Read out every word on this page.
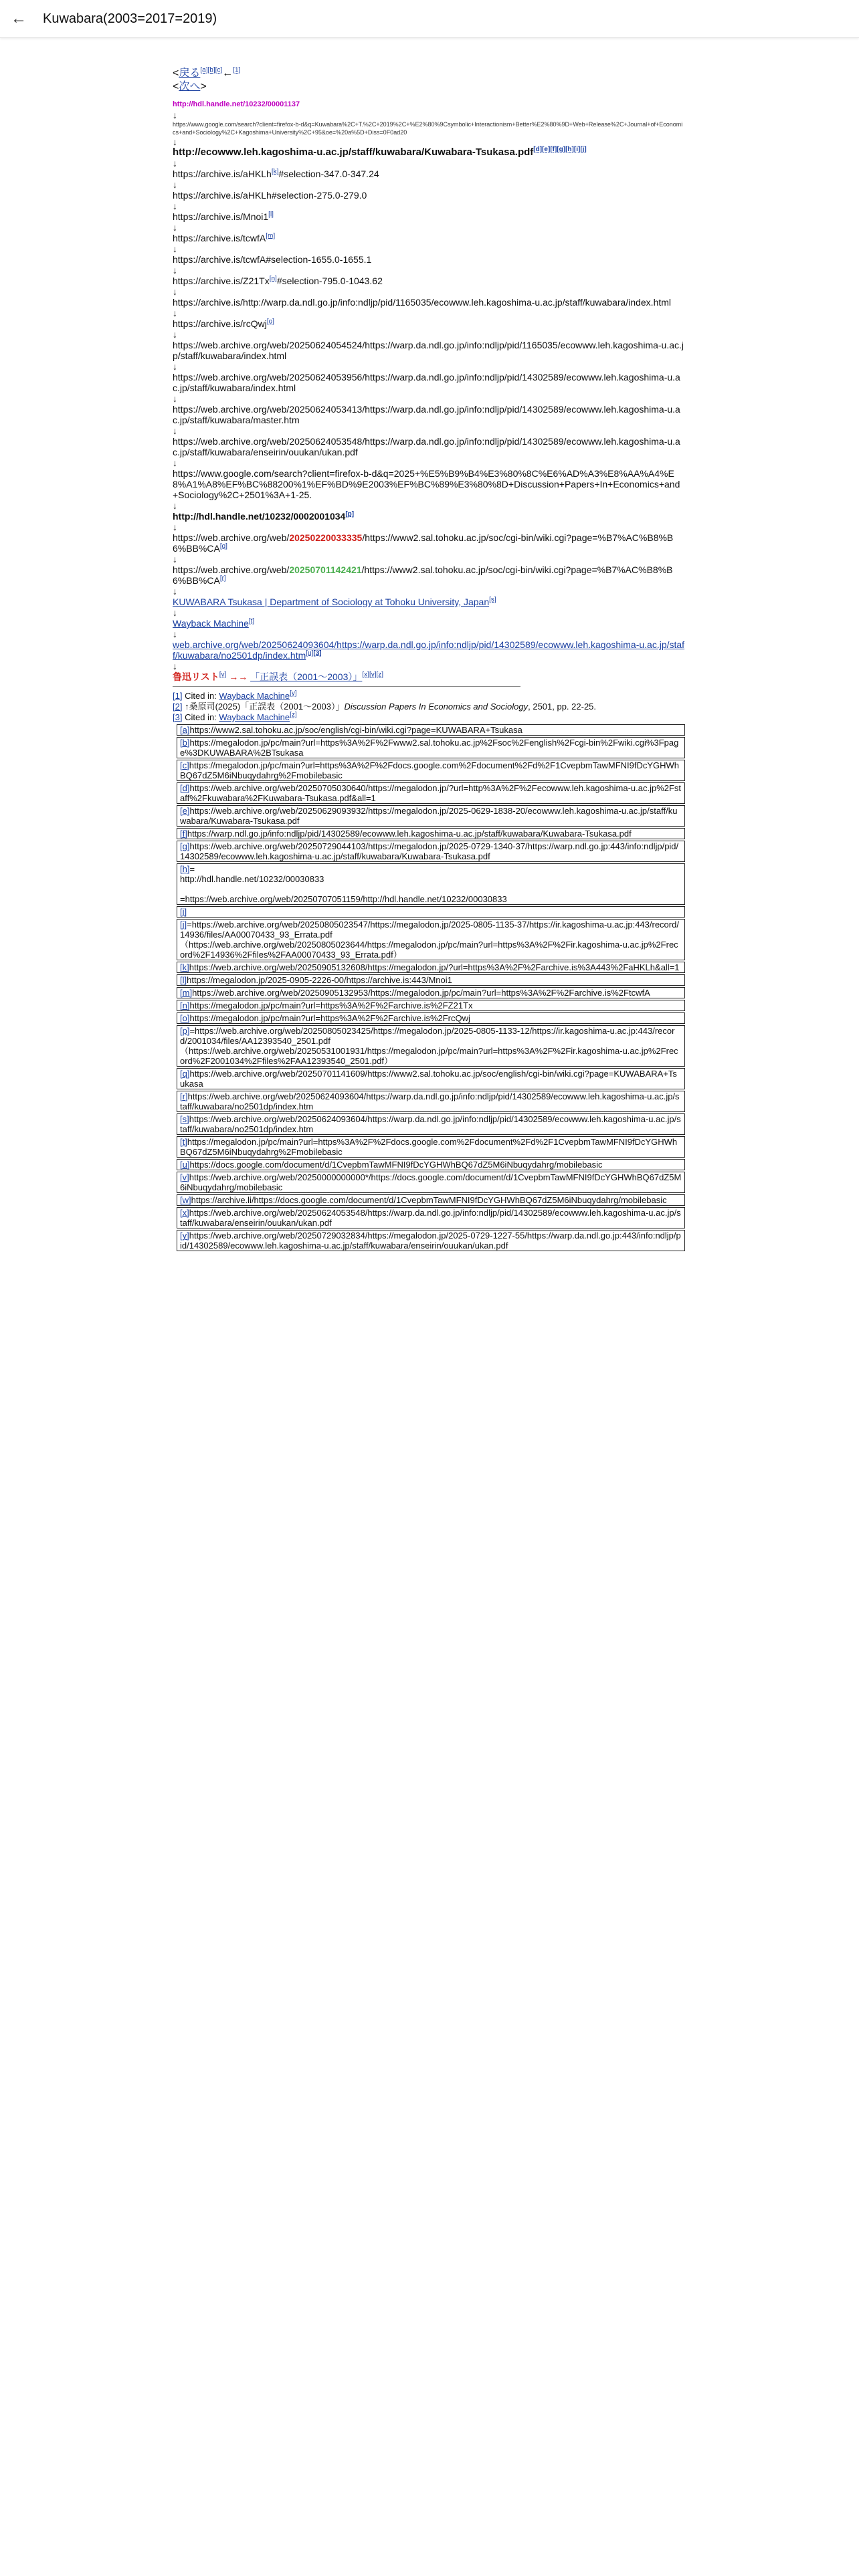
← Kuwabara(2003=2017=2019)
<戻る[a][b][c]←[1]
<次へ>
http://hdl.handle.net/10232/00001137
↓
https://www.google.com/search?client=firefox-b-d&q=Kuwabara%2C+T.%2C+2019%2C+%E2%80%9Csymbolic+Interactionism+Better%E2%80%9D+Web+Release%2C+Journal+of+Economics+and+Sociology%2C+Kagoshima+University%2C+95&oe=%20a%5D+Diss=0F0ad20
↓
http://ecowww.leh.kagoshima-u.ac.jp/staff/kuwabara/Kuwabara-Tsukasa.pdf[d][e][f][g][h][i][j]
↓
https://archive.is/aHKLh[k]#selection-347.0-347.24
↓
https://archive.is/aHKLh#selection-275.0-279.0
↓
https://archive.is/Mnoi1[l]
↓
https://archive.is/tcwfA[m]
↓
https://archive.is/tcwfA#selection-1655.0-1655.1
↓
https://archive.is/Z21Tx[n]#selection-795.0-1043.62
↓
https://archive.is/http://warp.da.ndl.go.jp/info:ndljp/pid/1165035/ecowww.leh.kagoshima-u.ac.jp/staff/kuwabara/index.html
↓
https://archive.is/rcQwj[o]
↓
https://web.archive.org/web/20250624054524/https://warp.da.ndl.go.jp/info:ndljp/pid/1165035/ecowww.leh.kagoshima-u.ac.jp/staff/kuwabara/index.html
↓
https://web.archive.org/web/20250624053956/https://warp.da.ndl.go.jp/info:ndljp/pid/14302589/ecowww.leh.kagoshima-u.ac.jp/staff/kuwabara/index.html
↓
https://web.archive.org/web/20250624053413/https://warp.da.ndl.go.jp/info:ndljp/pid/14302589/ecowww.leh.kagoshima-u.ac.jp/staff/kuwabara/master.htm
↓
https://web.archive.org/web/20250624053548/https://warp.da.ndl.go.jp/info:ndljp/pid/14302589/ecowww.leh.kagoshima-u.ac.jp/staff/kuwabara/enseirin/ouukan/ukan.pdf
↓
https://www.google.com/search?client=firefox-b-d&q=2025+%E5%B9%B4%E3%80%8C%E6%AD%A3%E8%AA%A4%E8%A1%A8%EF%BC%88200%1%EF%BD%9E2003%EF%BC%89%E3%80%8D+Discussion+Papers+In+Economics+and+Sociology%2C+2501%3A+1-25.
↓
http://hdl.handle.net/10232/0002001034[p]
↓
https://web.archive.org/web/20250220033335/https://www2.sal.tohoku.ac.jp/soc/cgi-bin/wiki.cgi?page=%B7%AC%B8%B6%BB%CA[q]
↓
https://web.archive.org/web/20250701142421/https://www2.sal.tohoku.ac.jp/soc/cgi-bin/wiki.cgi?page=%B7%AC%B8%B6%BB%CA[r]
↓
KUWABARA Tsukasa | Department of Sociology at Tohoku University, Japan[s]
↓
Wayback Machine[t]
↓
web.archive.org/web/20250624093604/https://warp.da.ndl.go.jp/info:ndljp/pid/14302589/ecowww.leh.kagoshima-u.ac.jp/staff/kuwabara/no2501dp/index.htm[u][3]
↓
鲁迅リスト[v] →→ 「正誤表（2001〜2003）」[x][y][z]
[1] Cited in: Wayback Machine[y]
[2] ↑桑原司(2025)「正誤表（2001〜2003）」Discussion Papers In Economics and Sociology, 2501, pp. 22-25.
[3] Cited in: Wayback Machine[z]
[a]https://www2.sal.tohoku.ac.jp/soc/english/cgi-bin/wiki.cgi?page=KUWABARA+Tsukasa
[b]https://megalodon.jp/pc/main?url=https%3A%2F%2Fwww2.sal.tohoku.ac.jp%2Fsoc%2Fenglish%2Fcgi-bin%2Fwiki.cgi%3Fpage%3DKUWABARA%2BTsukasa
[c]https://megalodon.jp/pc/main?url=https%3A%2F%2Fdocs.google.com%2Fdocument%2Fd%2F1CvepbmTawMFNI9fDcYGHWhBQ67dZ5M6iNbuqydahrg%2Fmobilebasic
[d]https://web.archive.org/web/20250705030640/https://megalodon.jp/?url=http%3A%2F%2Fecowww.leh.kagoshima-u.ac.jp%2Fstaff%2Fkuwabara%2FKuwabara-Tsukasa.pdf&all=1
[e]https://web.archive.org/web/20250629093932/https://megalodon.jp/2025-0629-1838-20/ecowww.leh.kagoshima-u.ac.jp/staff/kuwabara/Kuwabara-Tsukasa.pdf
[f]https://warp.ndl.go.jp/info:ndljp/pid/14302589/ecowww.leh.kagoshima-u.ac.jp/staff/kuwabara/Kuwabara-Tsukasa.pdf
[g]https://web.archive.org/web/20250729044103/https://megalodon.jp/2025-0729-1340-37/https://warp.ndl.go.jp:443/info:ndljp/pid/14302589/ecowww.leh.kagoshima-u.ac.jp/staff/kuwabara/Kuwabara-Tsukasa.pdf
[h]=
http://hdl.handle.net/10232/00030833

=https://web.archive.org/web/20250707051159/http://hdl.handle.net/10232/00030833
[i]
[j]=https://web.archive.org/web/20250805023547/https://megalodon.jp/2025-0805-1135-37/https://ir.kagoshima-u.ac.jp:443/record/14936/files/AA00070433_93_Errata.pdf
（https://web.archive.org/web/20250805023644/https://megalodon.jp/pc/main?url=https%3A%2F%2Fir.kagoshima-u.ac.jp%2Frecord%2F14936%2Ffiles%2FAA00070433_93_Errata.pdf）
[k]https://web.archive.org/web/20250905132608/https://megalodon.jp/?url=https%3A%2F%2Farchive.is%3A443%2FaHKLh&all=1
[l]https://megalodon.jp/2025-0905-2226-00/https://archive.is:443/Mnoi1
[m]https://web.archive.org/web/20250905132953/https://megalodon.jp/pc/main?url=https%3A%2F%2Farchive.is%2FtcwfA
[n]https://megalodon.jp/pc/main?url=https%3A%2F%2Farchive.is%2FZ21Tx
[o]https://megalodon.jp/pc/main?url=https%3A%2F%2Farchive.is%2FrcQwj
[p]=https://web.archive.org/web/20250805023425/https://megalodon.jp/2025-0805-1133-12/https://ir.kagoshima-u.ac.jp:443/record/2001034/files/AA12393540_2501.pdf
（https://web.archive.org/web/20250531001931/https://megalodon.jp/pc/main?url=https%3A%2F%2Fir.kagoshima-u.ac.jp%2Frecord%2F2001034%2Ffiles%2FAA12393540_2501.pdf）
[q]https://web.archive.org/web/20250701141609/https://www2.sal.tohoku.ac.jp/soc/english/cgi-bin/wiki.cgi?page=KUWABARA+Tsukasa
[r]https://web.archive.org/web/20250624093604/https://warp.da.ndl.go.jp/info:ndljp/pid/14302589/ecowww.leh.kagoshima-u.ac.jp/staff/kuwabara/no2501dp/index.htm
[s]https://web.archive.org/web/20250624093604/https://warp.da.ndl.go.jp/info:ndljp/pid/14302589/ecowww.leh.kagoshima-u.ac.jp/staff/kuwabara/no2501dp/index.htm
[t]https://megalodon.jp/pc/main?url=https%3A%2F%2Fdocs.google.com%2Fdocument%2Fd%2F1CvepbmTawMFNI9fDcYGHWhBQ67dZ5M6iNbuqydahrg%2Fmobilebasic
[u]https://docs.google.com/document/d/1CvepbmTawMFNI9fDcYGHWhBQ67dZ5M6iNbuqydahrg/mobilebasic
[v]https://web.archive.org/web/20250000000000*/https://docs.google.com/document/d/1CvepbmTawMFNI9fDcYGHWhBQ67dZ5M6iNbuqydahrg/mobilebasic
[w]https://archive.li/https://docs.google.com/document/d/1CvepbmTawMFNI9fDcYGHWhBQ67dZ5M6iNbuqydahrg/mobilebasic
[x]https://web.archive.org/web/20250624053548/https://warp.da.ndl.go.jp/info:ndljp/pid/14302589/ecowww.leh.kagoshima-u.ac.jp/staff/kuwabara/enseirin/ouukan/ukan.pdf
[y]https://web.archive.org/web/20250729032834/https://megalodon.jp/2025-0729-1227-55/https://warp.da.ndl.go.jp:443/info:ndljp/pid/14302589/ecowww.leh.kagoshima-u.ac.jp/staff/kuwabara/enseirin/ouukan/ukan.pdf
